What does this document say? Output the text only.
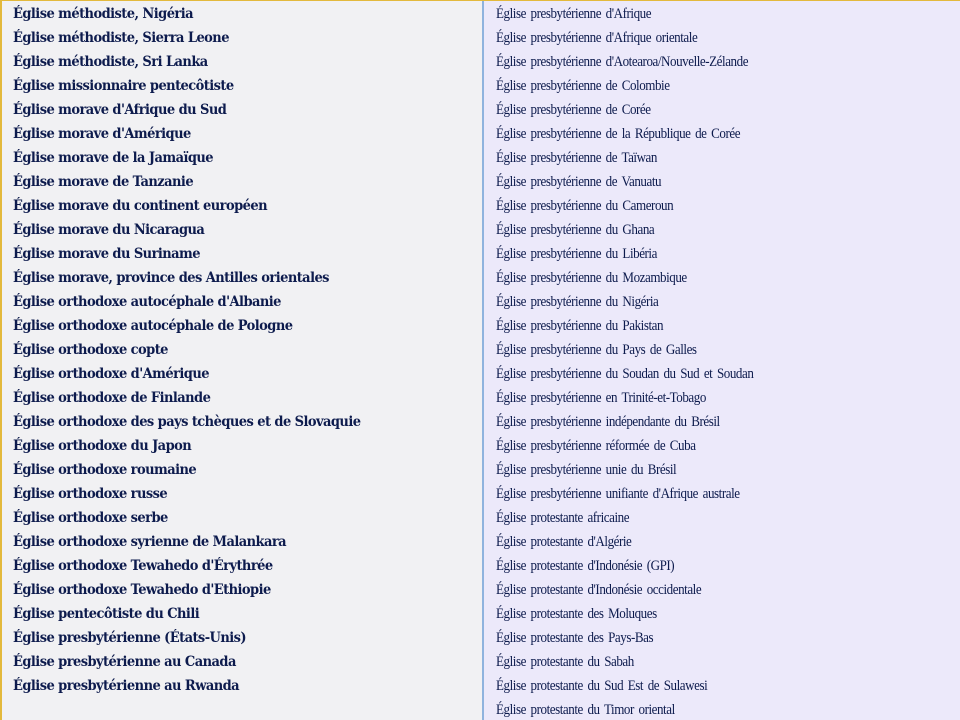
Église méthodiste, Nigéria
Église méthodiste, Sierra Leone
Église méthodiste, Sri Lanka
Église missionnaire pentecôtiste
Église morave d'Afrique du Sud
Église morave d'Amérique
Église morave de la Jamaïque
Église morave de Tanzanie
Église morave du continent européen
Église morave du Nicaragua
Église morave du Suriname
Église morave, province des Antilles orientales
Église orthodoxe autocéphale d'Albanie
Église orthodoxe autocéphale de Pologne
Église orthodoxe copte
Église orthodoxe d'Amérique
Église orthodoxe de Finlande
Église orthodoxe des pays tchèques et de Slovaquie
Église orthodoxe du Japon
Église orthodoxe roumaine
Église orthodoxe russe
Église orthodoxe serbe
Église orthodoxe syrienne de Malankara
Église orthodoxe Tewahedo d'Érythrée
Église orthodoxe Tewahedo d'Ethiopie
Église pentecôtiste du Chili
Église presbytérienne (États-Unis)
Église presbytérienne au Canada
Église presbytérienne au Rwanda
Église presbytérienne d'Afrique
Église presbytérienne d'Afrique orientale
Église presbytérienne d'Aotearoa/Nouvelle-Zélande
Église presbytérienne de Colombie
Église presbytérienne de Corée
Église presbytérienne de la République de Corée
Église presbytérienne de Taïwan
Église presbytérienne de Vanuatu
Église presbytérienne du Cameroun
Église presbytérienne du Ghana
Église presbytérienne du Libéria
Église presbytérienne du Mozambique
Église presbytérienne du Nigéria
Église presbytérienne du Pakistan
Église presbytérienne du Pays de Galles
Église presbytérienne du Soudan du Sud et Soudan
Église presbytérienne en Trinité-et-Tobago
Église presbytérienne indépendante du Brésil
Église presbytérienne réformée de Cuba
Église presbytérienne unie du Brésil
Église presbytérienne unifiante d'Afrique australe
Église protestante africaine
Église protestante d'Algérie
Église protestante d'Indonésie (GPI)
Église protestante d'Indonésie occidentale
Église protestante des Moluques
Église protestante des Pays-Bas
Église protestante du Sabah
Église protestante du Sud Est de Sulawesi
Église protestante du Timor oriental
